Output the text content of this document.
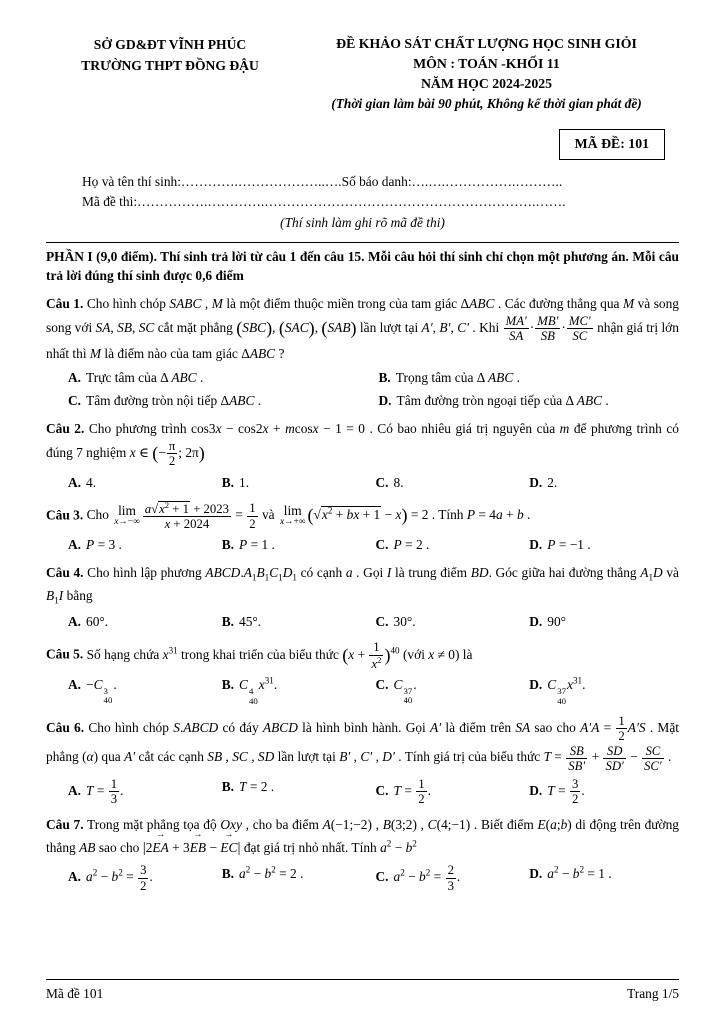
SỞ GD&ĐT VĨNH PHÚC
TRƯỜNG THPT ĐỒNG ĐẬU
ĐỀ KHẢO SÁT CHẤT LƯỢNG HỌC SINH GIỎI
MÔN : TOÁN -KHỐI 11
NĂM HỌC 2024-2025
(Thời gian làm bài 90 phút, Không kể thời gian phát đề)
MÃ ĐỀ: 101

Họ và tên thí sinh:………….………………..….Số báo danh:….….…………….………..

Mã đề thi:…………….………….…………………………………………………….…….

(Thí sinh làm ghi rõ mã đề thi)
PHẦN I (9,0 điểm). Thí sinh trả lời từ câu 1 đến câu 15. Mỗi câu hỏi thí sinh chỉ chọn một phương án. Mỗi câu trả lời đúng thí sinh được 0,6 điểm
Câu 1. Cho hình chóp SABC , M là một điểm thuộc miền trong của tam giác ΔABC . Các đường thẳng qua M và song song với SA, SB, SC cắt mặt phẳng (SBC), (SAC), (SAB) lần lượt tại A′, B′, C′ . Khi $\frac{MA'}{SA} \cdot \frac{MB'}{SB} \cdot \frac{MC'}{SC}$ nhận giá trị lớn nhất thì M là điểm nào của tam giác ΔABC ?
A. Trực tâm của Δ ABC .	B. Trọng tâm của Δ ABC .
C. Tâm đường tròn nội tiếp ΔABC .	D. Tâm đường tròn ngoại tiếp của Δ ABC .
Câu 2. Cho phương trình cos3x − cos2x + mcosx − 1 = 0 . Có bao nhiêu giá trị nguyên của m để phương trình có đúng 7 nghiệm x ∈ (− $\frac{\pi}{2}$ ; 2π)
A. 4.	B. 1.	C. 8.	D. 2.
Câu 3. Cho lim
$x\to-\infty \frac{a√x^2 + 1 + 2023}{x + 2024} = \frac{1}{2}$ và lim
x→+∞ ($√x^2$ + bx + 1 − x) = 2 . Tính P = 4a + b .
A. P = 3 .	B. P = 1 .	C. P = 2 .	D. P = −1 .
Câu 4. Cho hình lập phương $ABCD.A_1B_1C_1D_1$ có cạnh a . Gọi I là trung điểm BD. Góc giữa hai đường thẳng $A_1D$ và $B_1I$ bằng
A. 60°.	B. 45°.	C. 30°.	D. 90°
Câu 5. Số hạng chứa $x^{31}$ trong khai triển của biểu thức $(x + \frac{1}{x^2} )^{40}$ (với x ≠ 0) là
A. −C 3
40
.	B. C 4
40
$x^{31}$.	C. C 37
40
.	D. C 37
40
$x^{31}$.
Câu 6. Cho hình chóp S.ABCD có đáy ABCD là hình bình hành. Gọi A′ là điểm trên SA sao cho $A'A = \frac{1}{2} A'S$ . Mặt phẳng (α) qua A′ cắt các cạnh SB , SC , SD lần lượt tại B′ , C′ , D′ . Tính giá trị của biểu thức $T = \frac{SB}{SB'} + \frac{SD}{SD'} - \frac{SC}{SC'}$ .
A. $T = \frac{1}{3}$ .	B. T = 2 .	C. $T = \frac{1}{2}$ .	D. $T = \frac{3}{2}$ .
Câu 7. Trong mặt phẳng tọa độ Oxy , cho ba điểm A(−1;−2) , B(3;2) , C(4;−1) . Biết điểm E(a;b) di động trên đường thẳng AB sao cho |2EA
→
+ 3EB
→
− EC
→
| đạt giá trị nhỏ nhất. Tính $a^2 - b^2$
A. $a^2 - b^2 = \frac{3}{2}$ .	B. $a^2 - b^2 = 2$ .	C. $a^2 - b^2 = \frac{2}{3}$ .	D. $a^2 - b^2 = 1$ .
Mã đề 101	Trang 1/5
